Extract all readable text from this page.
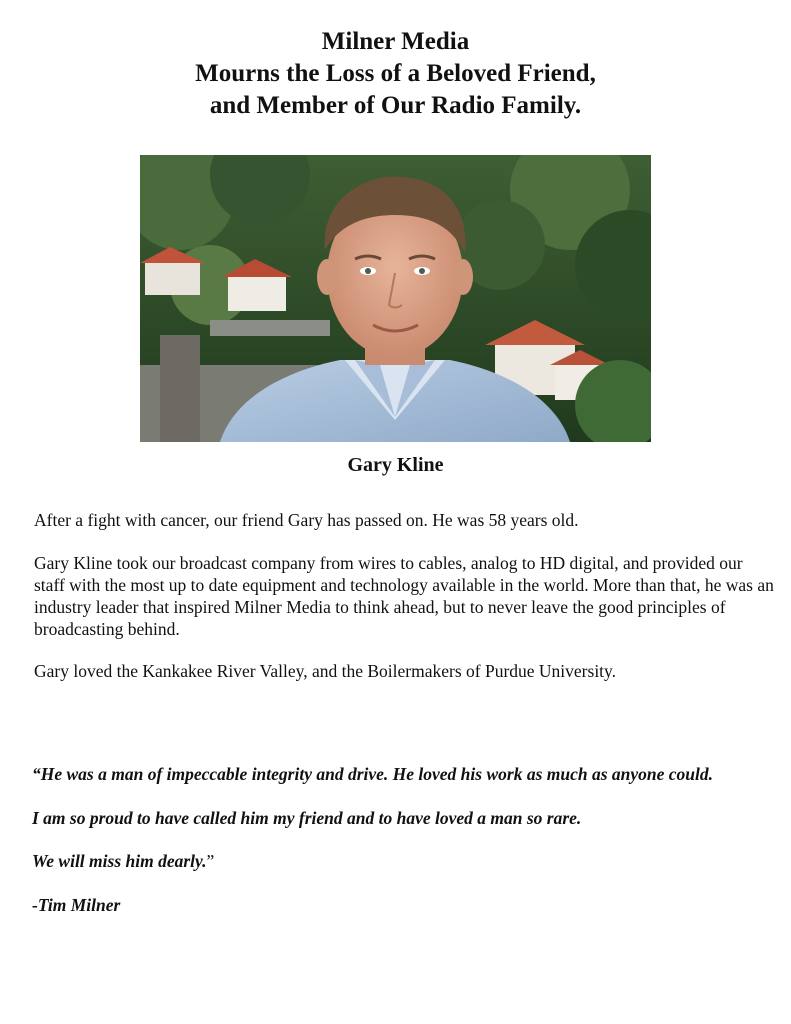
Milner Media
Mourns the Loss of a Beloved Friend,
and Member of Our Radio Family.
Gary Kline

After a fight with cancer, our friend Gary has passed on. He was 58 years old.

Gary Kline took our broadcast company from wires to cables, analog to HD digital, and provided our staff with the most up to date equipment and technology available in the world. More than that, he was an industry leader that inspired Milner Media to think ahead, but to never leave the good principles of broadcasting behind.

Gary loved the Kankakee River Valley, and the Boilermakers of Purdue University.

“He was a man of impeccable integrity and drive. He loved his work as much as anyone could.

I am so proud to have called him my friend and to have loved a man so rare.

We will miss him dearly.”

-Tim Milner
